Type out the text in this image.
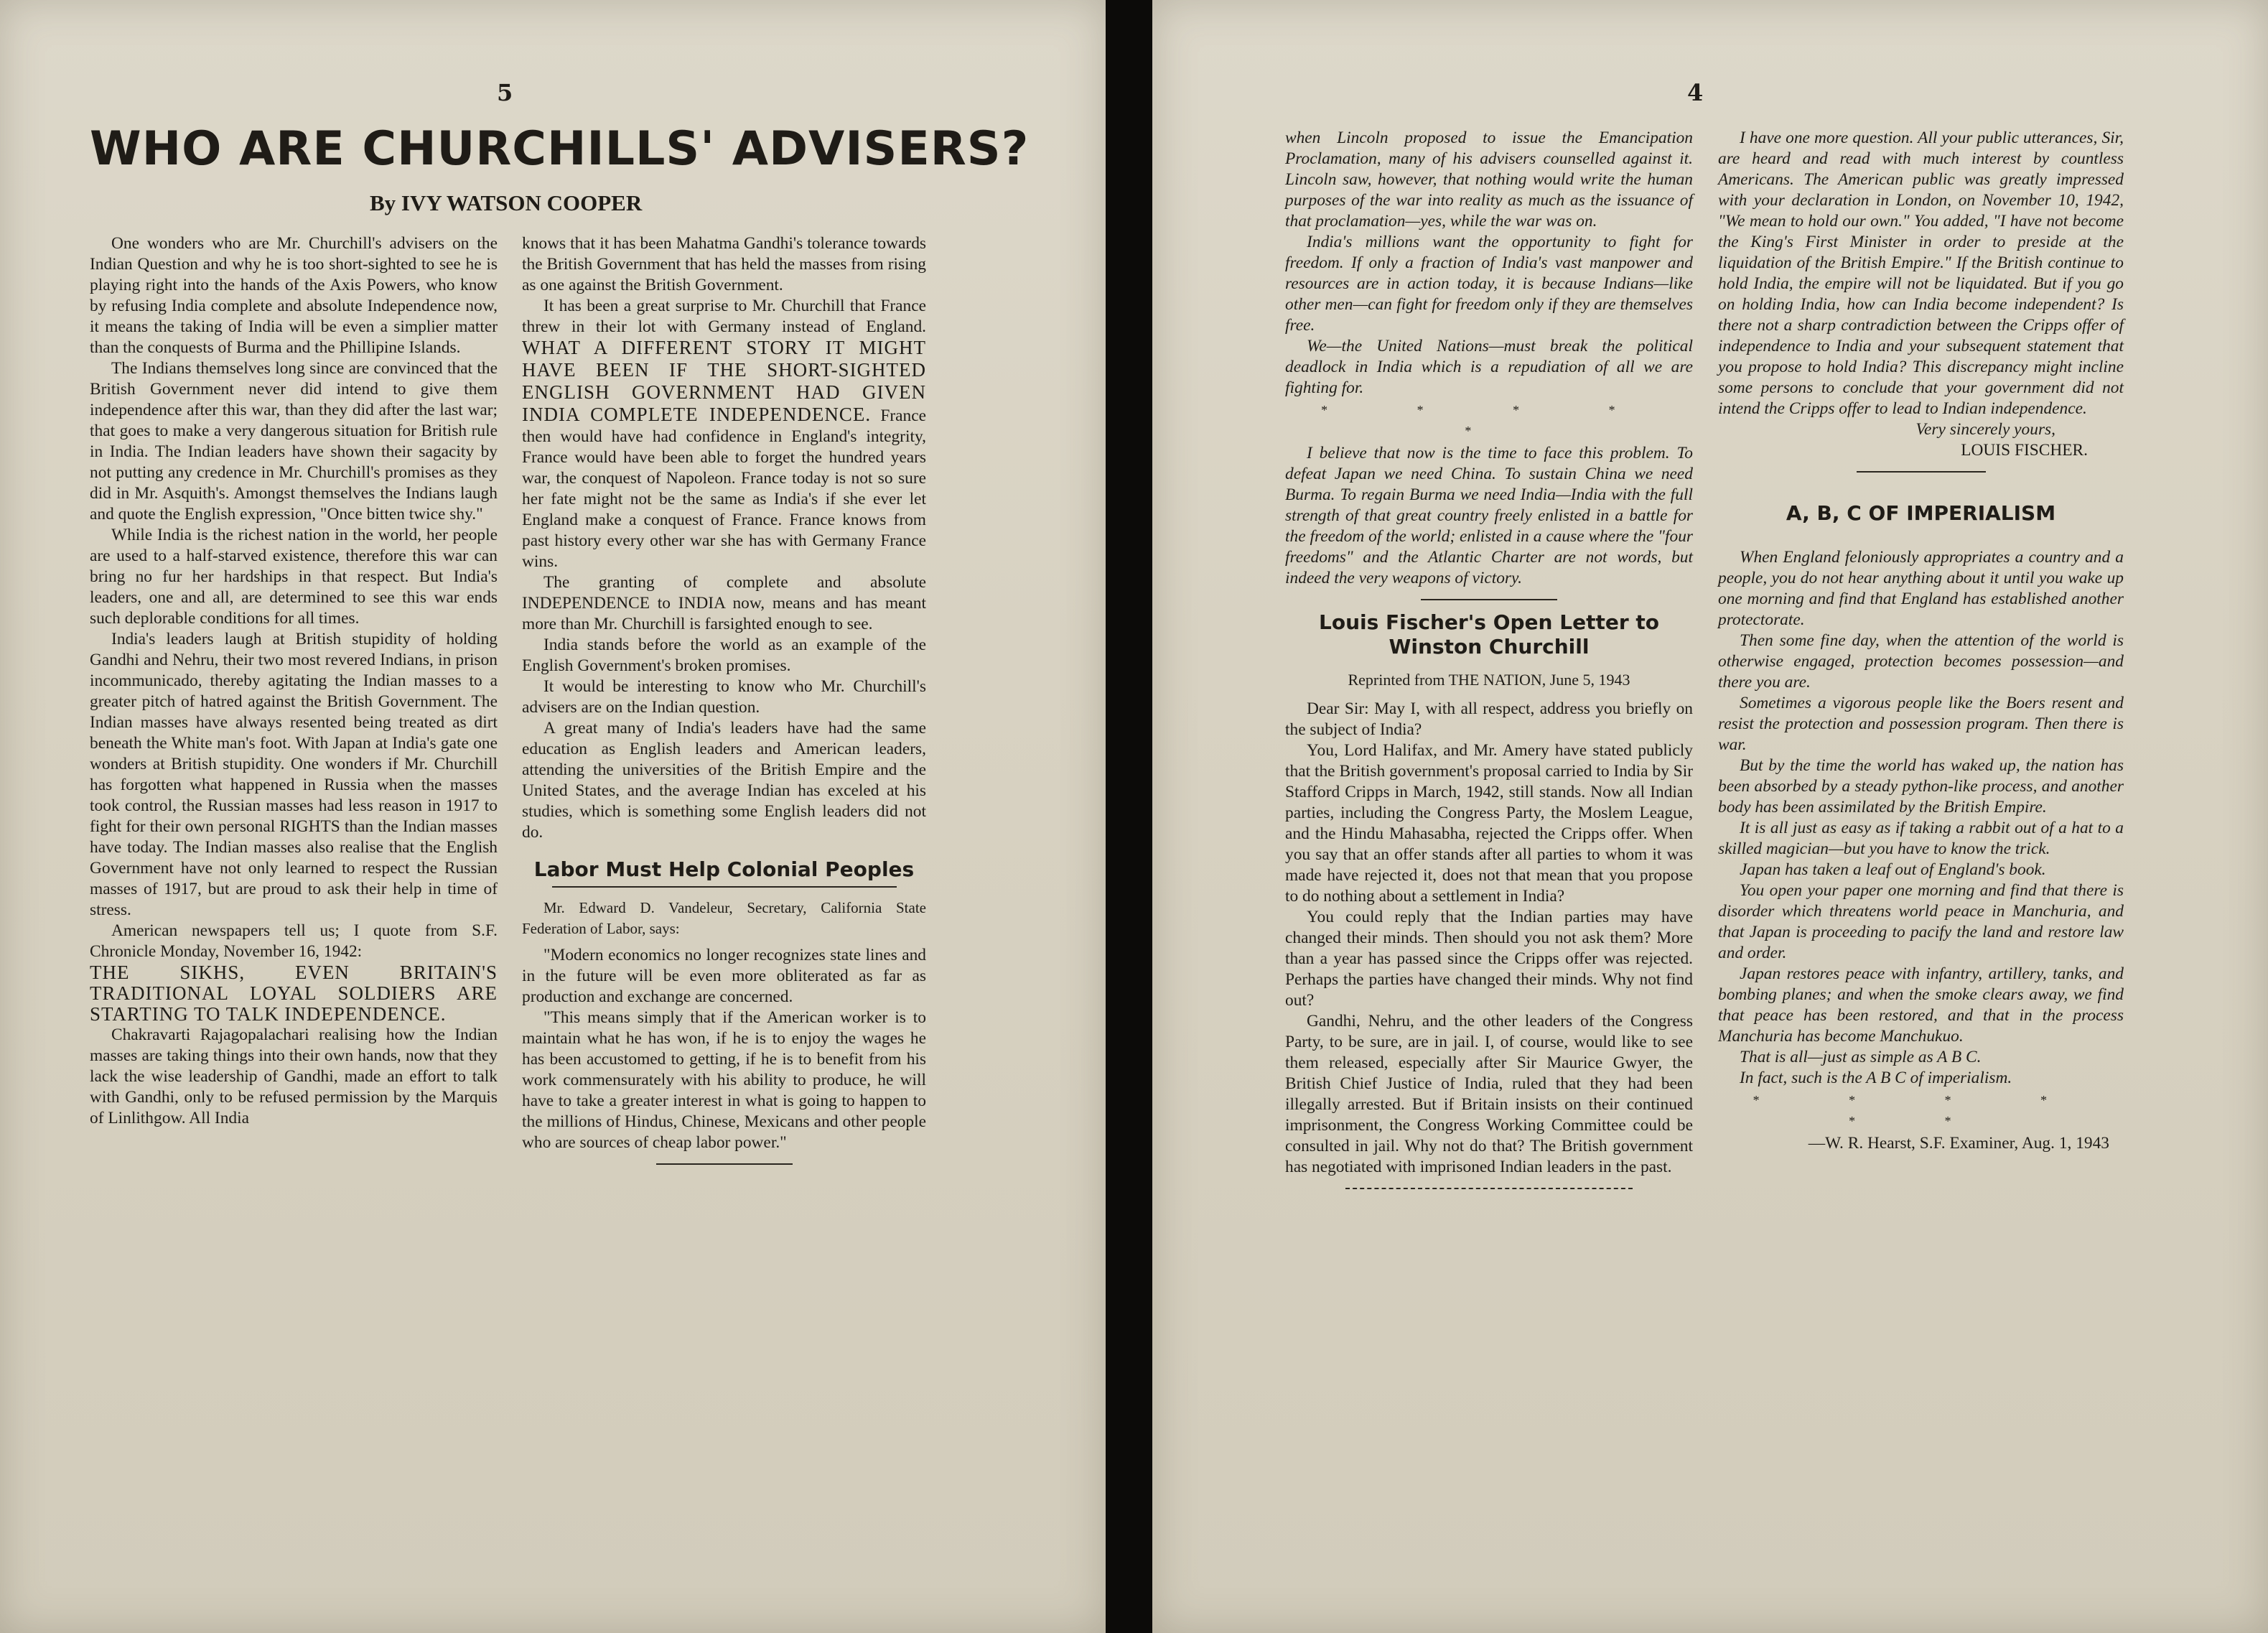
5
WHO ARE CHURCHILLS' ADVISERS?
By IVY WATSON COOPER

One wonders who are Mr. Churchill's advisers on the Indian Question and why he is too short-sighted to see he is playing right into the hands of the Axis Powers, who know by refusing India complete and absolute Independence now, it means the taking of India will be even a simplier matter than the conquests of Burma and the Phillipine Islands.

The Indians themselves long since are convinced that the British Government never did intend to give them independence after this war, than they did after the last war; that goes to make a very dangerous situation for British rule in India. The Indian leaders have shown their sagacity by not putting any credence in Mr. Churchill's promises as they did in Mr. Asquith's. Amongst themselves the Indians laugh and quote the English expression, "Once bitten twice shy."

While India is the richest nation in the world, her people are used to a half-starved existence, therefore this war can bring no fur her hardships in that respect. But India's leaders, one and all, are determined to see this war ends such deplorable conditions for all times.

India's leaders laugh at British stupidity of holding Gandhi and Nehru, their two most revered Indians, in prison incommunicado, thereby agitating the Indian masses to a greater pitch of hatred against the British Government. The Indian masses have always resented being treated as dirt beneath the White man's foot. With Japan at India's gate one wonders at British stupidity. One wonders if Mr. Churchill has forgotten what happened in Russia when the masses took control, the Russian masses had less reason in 1917 to fight for their own personal RIGHTS than the Indian masses have today. The Indian masses also realise that the English Government have not only learned to respect the Russian masses of 1917, but are proud to ask their help in time of stress.

American newspapers tell us; I quote from S.F. Chronicle Monday, November 16, 1942:

THE SIKHS, EVEN BRITAIN'S TRADITIONAL LOYAL SOLDIERS ARE STARTING TO TALK INDEPENDENCE.

Chakravarti Rajagopalachari realising how the Indian masses are taking things into their own hands, now that they lack the wise leadership of Gandhi, made an effort to talk with Gandhi, only to be refused permission by the Marquis of Linlithgow. All India

knows that it has been Mahatma Gandhi's tolerance towards the British Government that has held the masses from rising as one against the British Government.

It has been a great surprise to Mr. Churchill that France threw in their lot with Germany instead of England. WHAT A DIFFERENT STORY IT MIGHT HAVE BEEN IF THE SHORT-SIGHTED ENGLISH GOVERNMENT HAD GIVEN INDIA COMPLETE INDEPENDENCE. France then would have had confidence in England's integrity, France would have been able to forget the hundred years war, the conquest of Napoleon. France today is not so sure her fate might not be the same as India's if she ever let England make a conquest of France. France knows from past history every other war she has with Germany France wins.

The granting of complete and absolute INDEPENDENCE to INDIA now, means and has meant more than Mr. Churchill is farsighted enough to see.

India stands before the world as an example of the English Government's broken promises.

It would be interesting to know who Mr. Churchill's advisers are on the Indian question.

A great many of India's leaders have had the same education as English leaders and American leaders, attending the universities of the British Empire and the United States, and the average Indian has exceled at his studies, which is something some English leaders did not do.

Labor Must Help Colonial Peoples

Mr. Edward D. Vandeleur, Secretary, California State Federation of Labor, says:

"Modern economics no longer recognizes state lines and in the future will be even more obliterated as far as production and exchange are concerned.

"This means simply that if the American worker is to maintain what he has won, if he is to enjoy the wages he has been accustomed to getting, if he is to benefit from his work commensurately with his ability to produce, he will have to take a greater interest in what is going to happen to the millions of Hindus, Chinese, Mexicans and other people who are sources of cheap labor power."

4

when Lincoln proposed to issue the Emancipation Proclamation, many of his advisers counselled against it. Lincoln saw, however, that nothing would write the human purposes of the war into reality as much as the issuance of that proclamation—yes, while the war was on.

India's millions want the opportunity to fight for freedom. If only a fraction of India's vast manpower and resources are in action today, it is because Indians—like other men—can fight for freedom only if they are themselves free.

We—the United Nations—must break the political deadlock in India which is a repudiation of all we are fighting for.

* * * * *

I believe that now is the time to face this problem. To defeat Japan we need China. To sustain China we need Burma. To regain Burma we need India—India with the full strength of that great country freely enlisted in a battle for the freedom of the world; enlisted in a cause where the "four freedoms" and the Atlantic Charter are not words, but indeed the very weapons of victory.

Louis Fischer's Open Letter to Winston Churchill
Reprinted from THE NATION, June 5, 1943

Dear Sir: May I, with all respect, address you briefly on the subject of India?

You, Lord Halifax, and Mr. Amery have stated publicly that the British government's proposal carried to India by Sir Stafford Cripps in March, 1942, still stands. Now all Indian parties, including the Congress Party, the Moslem League, and the Hindu Mahasabha, rejected the Cripps offer. When you say that an offer stands after all parties to whom it was made have rejected it, does not that mean that you propose to do nothing about a settlement in India?

You could reply that the Indian parties may have changed their minds. Then should you not ask them? More than a year has passed since the Cripps offer was rejected. Perhaps the parties have changed their minds. Why not find out?

Gandhi, Nehru, and the other leaders of the Congress Party, to be sure, are in jail. I, of course, would like to see them released, especially after Sir Maurice Gwyer, the British Chief Justice of India, ruled that they had been illegally arrested. But if Britain insists on their continued imprisonment, the Congress Working Committee could be consulted in jail. Why not do that? The British government has negotiated with imprisoned Indian leaders in the past.

I have one more question. All your public utterances, Sir, are heard and read with much interest by countless Americans. The American public was greatly impressed with your declaration in London, on November 10, 1942, "We mean to hold our own." You added, "I have not become the King's First Minister in order to preside at the liquidation of the British Empire." If the British continue to hold India, the empire will not be liquidated. But if you go on holding India, how can India become independent? Is there not a sharp contradiction between the Cripps offer of independence to India and your subsequent statement that you propose to hold India? This discrepancy might incline some persons to conclude that your government did not intend the Cripps offer to lead to Indian independence.

Very sincerely yours,
LOUIS FISCHER.
A, B, C OF IMPERIALISM

When England feloniously appropriates a country and a people, you do not hear anything about it until you wake up one morning and find that England has established another protectorate.

Then some fine day, when the attention of the world is otherwise engaged, protection becomes possession—and there you are.

Sometimes a vigorous people like the Boers resent and resist the protection and possession program. Then there is war.

But by the time the world has waked up, the nation has been absorbed by a steady python-like process, and another body has been assimilated by the British Empire.

It is all just as easy as if taking a rabbit out of a hat to a skilled magician—but you have to know the trick.

Japan has taken a leaf out of England's book.

You open your paper one morning and find that there is disorder which threatens world peace in Manchuria, and that Japan is proceeding to pacify the land and restore law and order.

Japan restores peace with infantry, artillery, tanks, and bombing planes; and when the smoke clears away, we find that peace has been restored, and that in the process Manchuria has become Manchukuo.

That is all—just as simple as A B C.

In fact, such is the A B C of imperialism.

* * * * * *
—W. R. Hearst, S.F. Examiner, Aug. 1, 1943
